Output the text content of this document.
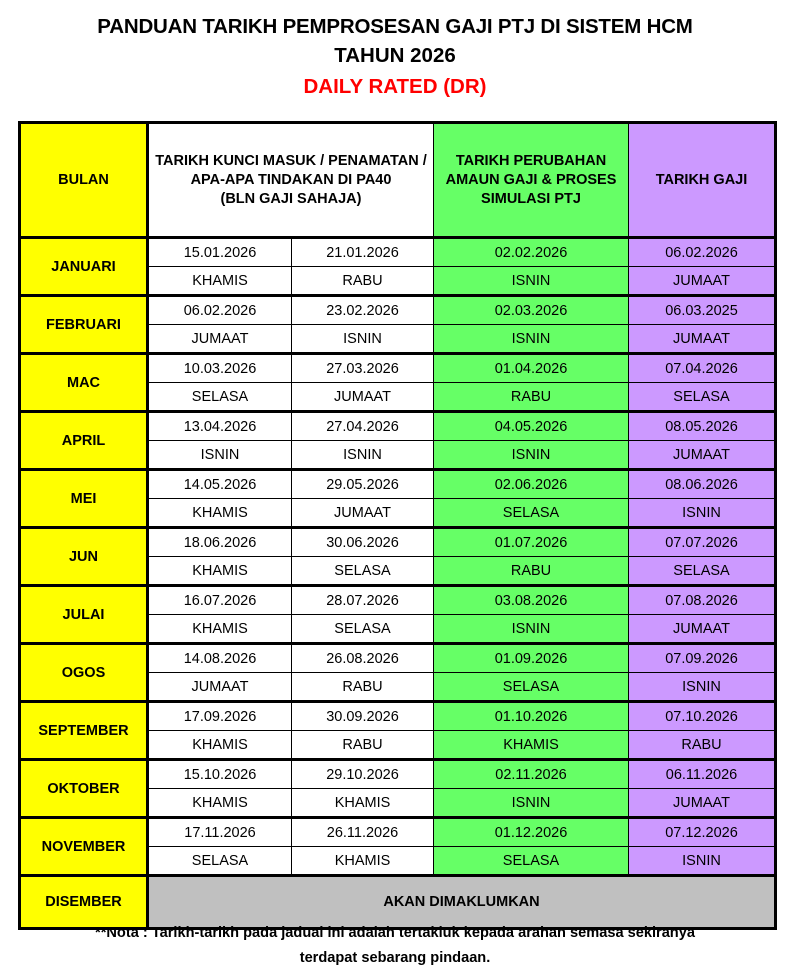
PANDUAN TARIKH PEMPROSESAN GAJI PTJ DI SISTEM HCM
TAHUN 2026
DAILY RATED (DR)
BULAN	
TARIKH KUNCI MASUK / PENAMATAN /
APA-APA TINDAKAN DI PA40
(BLN GAJI SAHAJA)

TARIKH PERUBAHAN
AMAUN GAJI & PROSES
SIMULASI PTJ
	TARIKH GAJI
JANUARI	15.01.2026	21.01.2026	02.02.2026	06.02.2026
	KHAMIS	RABU	ISNIN	JUMAAT
FEBRUARI	06.02.2026	23.02.2026	02.03.2026	06.03.2025
	JUMAAT	ISNIN	ISNIN	JUMAAT
MAC	10.03.2026	27.03.2026	01.04.2026	07.04.2026
	SELASA	JUMAAT	RABU	SELASA
APRIL	13.04.2026	27.04.2026	04.05.2026	08.05.2026
	ISNIN	ISNIN	ISNIN	JUMAAT
MEI	14.05.2026	29.05.2026	02.06.2026	08.06.2026
	KHAMIS	JUMAAT	SELASA	ISNIN
JUN	18.06.2026	30.06.2026	01.07.2026	07.07.2026
	KHAMIS	SELASA	RABU	SELASA
JULAI	16.07.2026	28.07.2026	03.08.2026	07.08.2026
	KHAMIS	SELASA	ISNIN	JUMAAT
OGOS	14.08.2026	26.08.2026	01.09.2026	07.09.2026
	JUMAAT	RABU	SELASA	ISNIN
SEPTEMBER	17.09.2026	30.09.2026	01.10.2026	07.10.2026
	KHAMIS	RABU	KHAMIS	RABU
OKTOBER	15.10.2026	29.10.2026	02.11.2026	06.11.2026
	KHAMIS	KHAMIS	ISNIN	JUMAAT
NOVEMBER	17.11.2026	26.11.2026	01.12.2026	07.12.2026
	SELASA	KHAMIS	SELASA	ISNIN
DISEMBER	AKAN DIMAKLUMKAN			
**Nota : Tarikh-tarikh pada jadual ini adalah tertakluk kepada arahan semasa sekiranya
terdapat sebarang pindaan.
